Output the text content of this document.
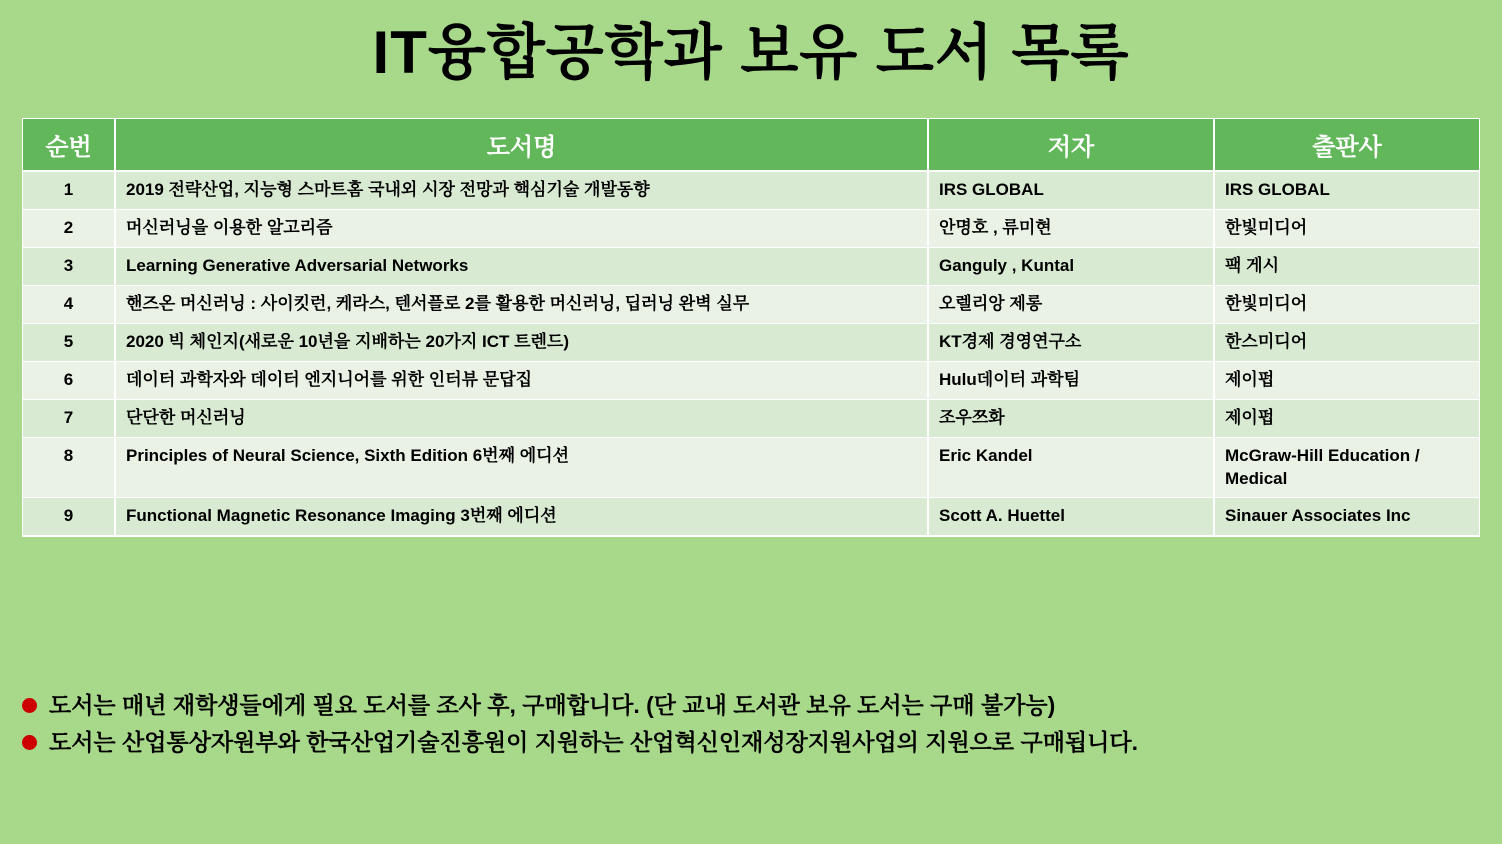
IT융합공학과 보유 도서 목록
순번	도서명	저자	출판사
1	2019 전략산업, 지능형 스마트홈 국내외 시장 전망과 핵심기술 개발동향	IRS GLOBAL	IRS GLOBAL
2	머신러닝을 이용한 알고리즘	안명호 , 류미현	한빛미디어
3	Learning Generative Adversarial Networks	Ganguly , Kuntal	팩 게시
4	핸즈온 머신러닝 : 사이킷런, 케라스, 텐서플로 2를 활용한 머신러닝, 딥러닝 완벽 실무	오렐리앙 제롱	한빛미디어
5	2020 빅 체인지(새로운 10년을 지배하는 20가지 ICT 트렌드)	KT경제 경영연구소	한스미디어
6	데이터 과학자와 데이터 엔지니어를 위한 인터뷰 문답집	Hulu데이터 과학팀	제이펍
7	단단한 머신러닝	조우쯔화	제이펍
8	Principles of Neural Science, Sixth Edition 6번째 에디션	Eric Kandel	McGraw-Hill Education / Medical
9	Functional Magnetic Resonance Imaging 3번째 에디션	Scott A. Huettel	Sinauer Associates Inc
도서는 매년 재학생들에게 필요 도서를 조사 후, 구매합니다. (단 교내 도서관 보유 도서는 구매 불가능)
도서는 산업통상자원부와 한국산업기술진흥원이 지원하는 산업혁신인재성장지원사업의 지원으로 구매됩니다.
